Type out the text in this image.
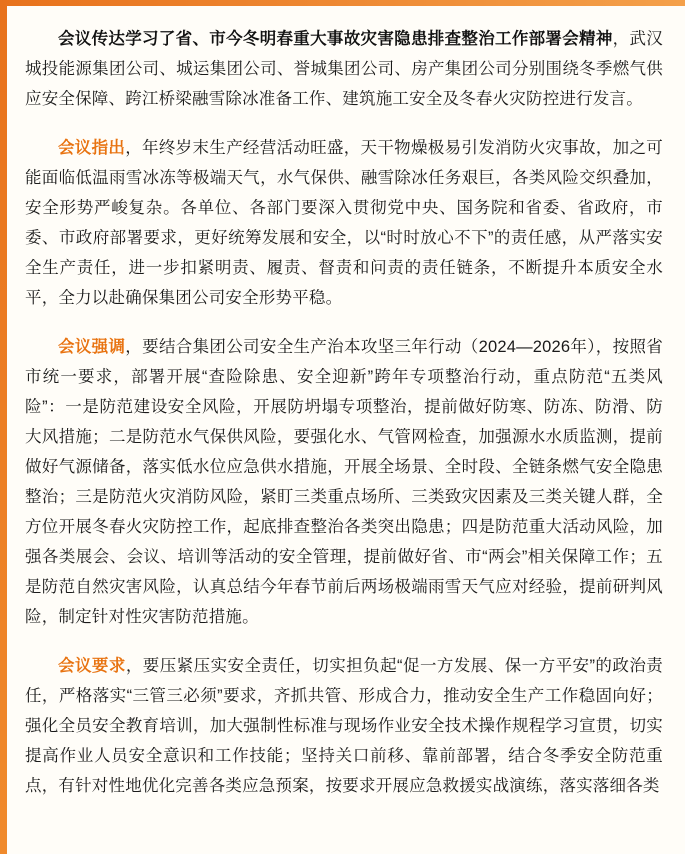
会议传达学习了省、市今冬明春重大事故灾害隐患排查整治工作部署会精神，武汉城投能源集团公司、城运集团公司、誉城集团公司、房产集团公司分别围绕冬季燃气供应安全保障、跨江桥梁融雪除冰准备工作、建筑施工安全及冬春火灾防控进行发言。

会议指出，年终岁末生产经营活动旺盛，天干物燥极易引发消防火灾事故，加之可能面临低温雨雪冰冻等极端天气，水气保供、融雪除冰任务艰巨，各类风险交织叠加，安全形势严峻复杂。各单位、各部门要深入贯彻党中央、国务院和省委、省政府，市委、市政府部署要求，更好统筹发展和安全，以“时时放心不下”的责任感，从严落实安全生产责任，进一步扣紧明责、履责、督责和问责的责任链条，不断提升本质安全水平，全力以赴确保集团公司安全形势平稳。

会议强调，要结合集团公司安全生产治本攻坚三年行动（2024—2026年），按照省市统一要求，部署开展“查险除患、安全迎新”跨年专项整治行动，重点防范“五类风险”：一是防范建设安全风险，开展防坍塌专项整治，提前做好防寒、防冻、防滑、防大风措施；二是防范水气保供风险，要强化水、气管网检查，加强源水水质监测，提前做好气源储备，落实低水位应急供水措施，开展全场景、全时段、全链条燃气安全隐患整治；三是防范火灾消防风险，紧盯三类重点场所、三类致灾因素及三类关键人群，全方位开展冬春火灾防控工作，起底排查整治各类突出隐患；四是防范重大活动风险，加强各类展会、会议、培训等活动的安全管理，提前做好省、市“两会”相关保障工作；五是防范自然灾害风险，认真总结今年春节前后两场极端雨雪天气应对经验，提前研判风险，制定针对性灾害防范措施。

会议要求，要压紧压实安全责任，切实担负起“促一方发展、保一方平安”的政治责任，严格落实“三管三必须”要求，齐抓共管、形成合力，推动安全生产工作稳固向好；强化全员安全教育培训，加大强制性标准与现场作业安全技术操作规程学习宣贯，切实提高作业人员安全意识和工作技能；坚持关口前移、靠前部署，结合冬季安全防范重点，有针对性地优化完善各类应急预案，按要求开展应急救援实战演练，落实落细各类
